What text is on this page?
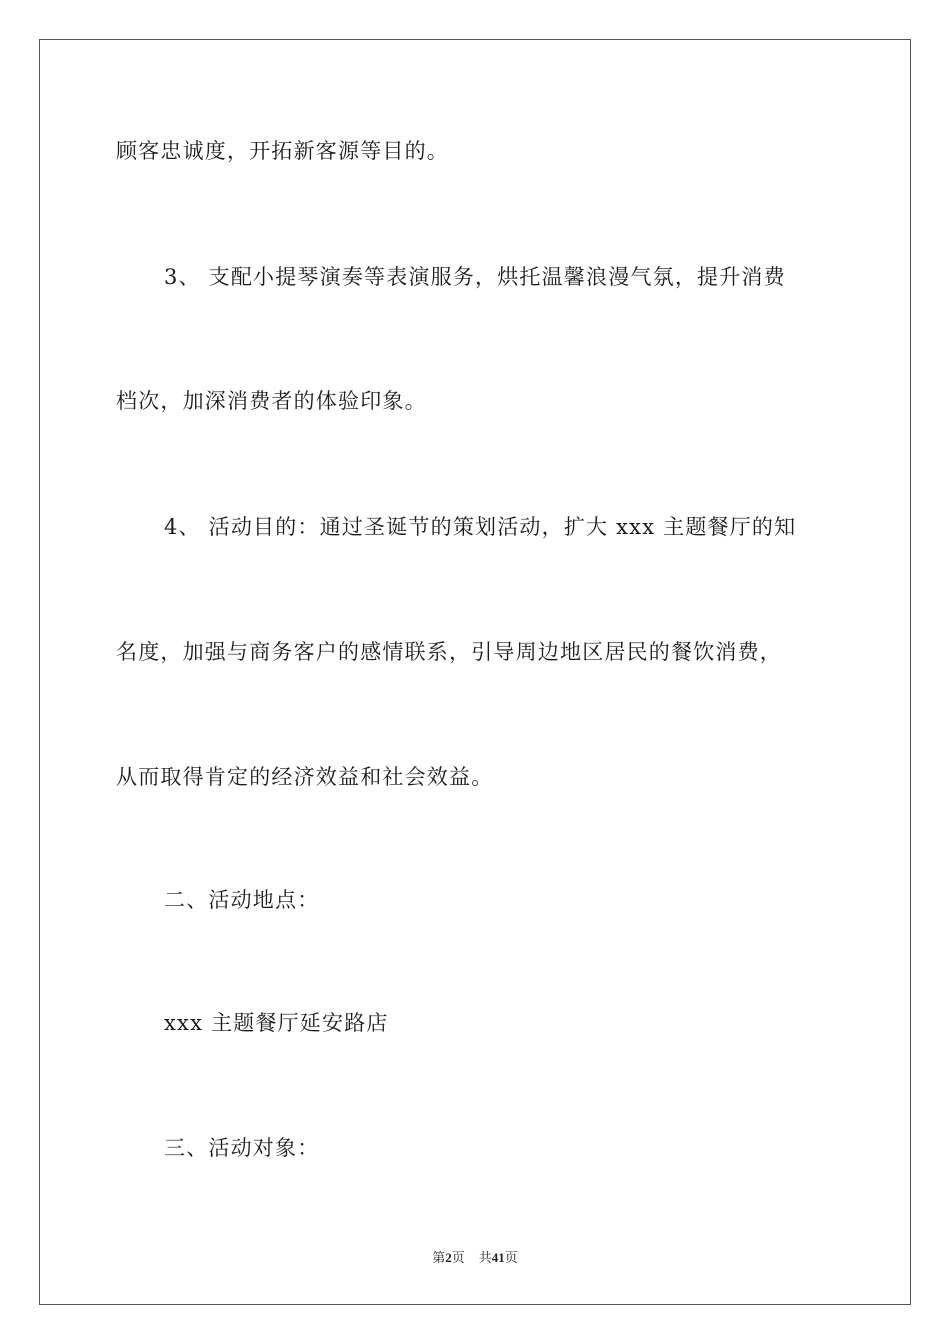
顾客忠诚度，开拓新客源等目的。
3、 支配小提琴演奏等表演服务，烘托温馨浪漫气氛，提升消费
档次，加深消费者的体验印象。
4、 活动目的：通过圣诞节的策划活动，扩大 xxx 主题餐厅的知
名度，加强与商务客户的感情联系，引导周边地区居民的餐饮消费，
从而取得肯定的经济效益和社会效益。
二、活动地点：
xxx 主题餐厅延安路店
三、活动对象：
第2页 共41页
